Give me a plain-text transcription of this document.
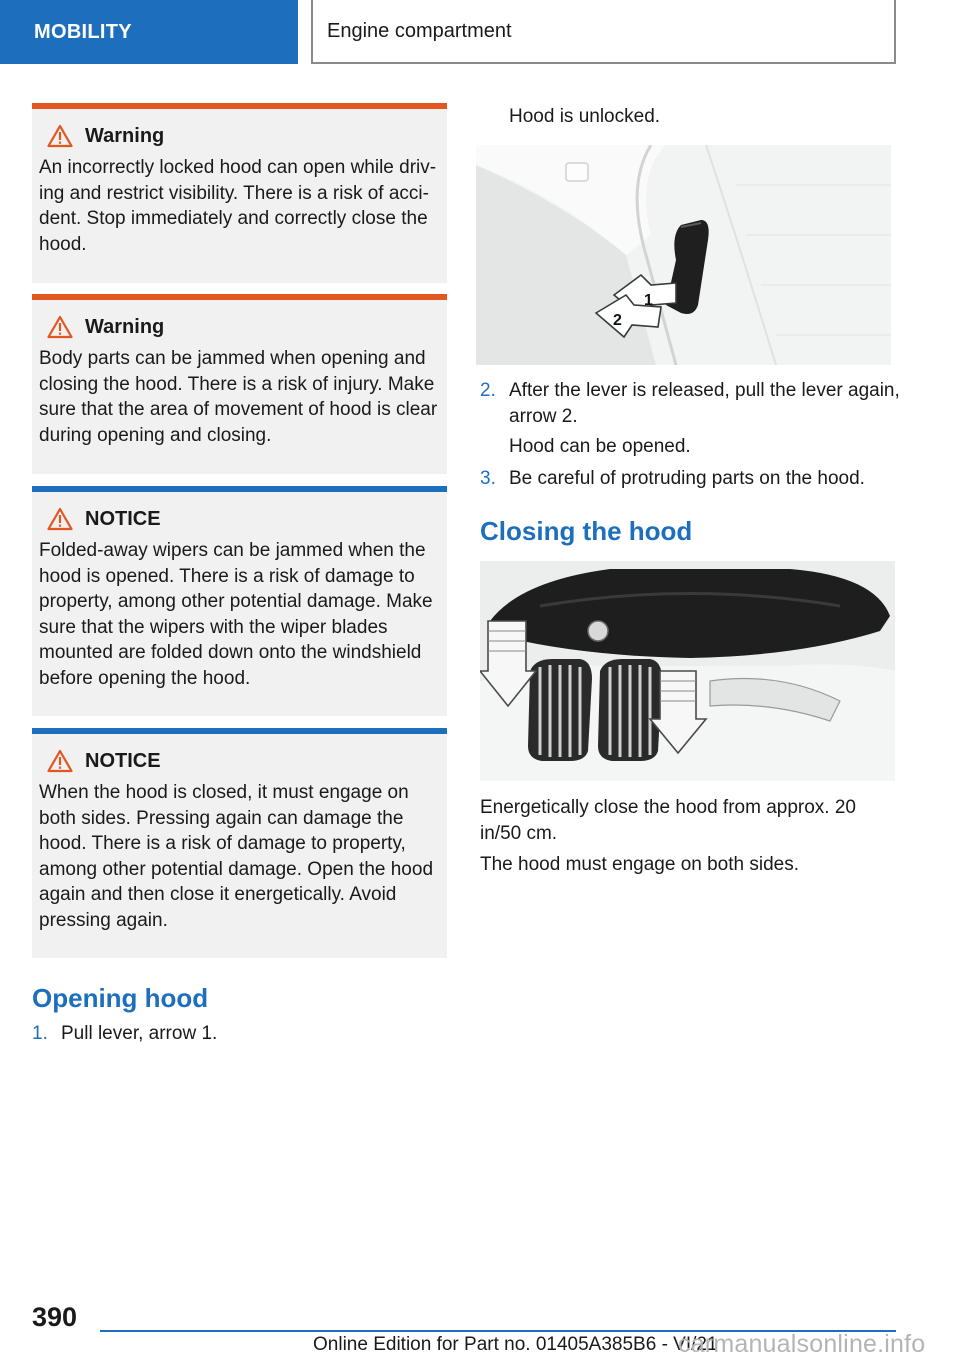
MOBILITY	Engine compartment
Warning

An incorrectly locked hood can open while driv-ing and restrict visibility. There is a risk of acci-dent. Stop immediately and correctly close the hood.

Warning

Body parts can be jammed when opening and closing the hood. There is a risk of injury. Make sure that the area of movement of hood is clear during opening and closing.

NOTICE

Folded-away wipers can be jammed when the hood is opened. There is a risk of damage to property, among other potential damage. Make sure that the wipers with the wiper blades mounted are folded down onto the windshield before opening the hood.

NOTICE

When the hood is closed, it must engage on both sides. Pressing again can damage the hood. There is a risk of damage to property, among other potential damage. Open the hood again and then close it energetically. Avoid pressing again.

Opening hood
1. Pull lever, arrow 1.

Hood is unlocked.

1
2
2. After the lever is released, pull the lever again, arrow 2.

Hood can be opened.

3. Be careful of protruding parts on the hood.
Closing the hood

Energetically close the hood from approx. 20 in/50 cm.

The hood must engage on both sides.

390
Online Edition for Part no. 01405A385B6 - VI/21
carmanualsonline.info
